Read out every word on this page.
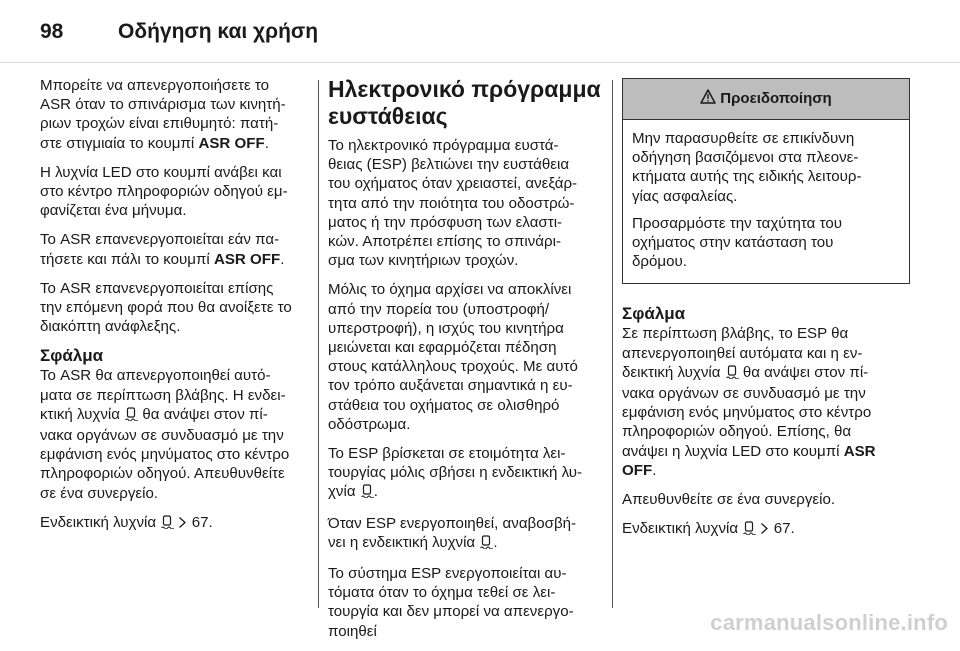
98	Οδήγηση και χρήση

Μπορείτε να απενεργοποιήσετε το
ASR όταν το σπινάρισμα των κινητή-
ριων τροχών είναι επιθυμητό: πατή-
στε στιγμιαία το κουμπί ASR OFF.

Η λυχνία LED στο κουμπί ανάβει και
στο κέντρο πληροφοριών οδηγού εμ-
φανίζεται ένα μήνυμα.

Το ASR επανενεργοποιείται εάν πα-
τήσετε και πάλι το κουμπί ASR OFF.

Το ASR επανενεργοποιείται επίσης
την επόμενη φορά που θα ανοίξετε το
διακόπτη ανάφλεξης.

Σφάλμα

Το ASR θα απενεργοποιηθεί αυτό-
ματα σε περίπτωση βλάβης. Η ενδει-
κτική λυχνία  θα ανάψει στον πί-
νακα οργάνων σε συνδυασμό με την
εμφάνιση ενός μηνύματος στο κέντρο
πληροφοριών οδηγού. Απευθυνθείτε
σε ένα συνεργείο.

Ενδεικτική λυχνία   67.

Ηλεκτρονικό πρόγραμμα
ευστάθειας

Το ηλεκτρονικό πρόγραμμα ευστά-
θειας (ESP) βελτιώνει την ευστάθεια
του οχήματος όταν χρειαστεί, ανεξάρ-
τητα από την ποιότητα του οδοστρώ-
ματος ή την πρόσφυση των ελαστι-
κών. Αποτρέπει επίσης το σπινάρι-
σμα των κινητήριων τροχών.

Μόλις το όχημα αρχίσει να αποκλίνει
από την πορεία του (υποστροφή/
υπερστροφή), η ισχύς του κινητήρα
μειώνεται και εφαρμόζεται πέδηση
στους κατάλληλους τροχούς. Με αυτό
τον τρόπο αυξάνεται σημαντικά η ευ-
στάθεια του οχήματος σε ολισθηρό
οδόστρωμα.

Το ESP βρίσκεται σε ετοιμότητα λει-
τουργίας μόλις σβήσει η ενδεικτική λυ-
χνία .

Όταν ESP ενεργοποιηθεί, αναβοσβή-
νει η ενδεικτική λυχνία .

Το σύστημα ESP ενεργοποιείται αυ-
τόματα όταν το όχημα τεθεί σε λει-
τουργία και δεν μπορεί να απενεργο-
ποιηθεί

Προειδοποίηση

Μην παρασυρθείτε σε επικίνδυνη
οδήγηση βασιζόμενοι στα πλεονε-
κτήματα αυτής της ειδικής λειτουρ-
γίας ασφαλείας.

Προσαρμόστε την ταχύτητα του
οχήματος στην κατάσταση του
δρόμου.

Σφάλμα

Σε περίπτωση βλάβης, το ESP θα
απενεργοποιηθεί αυτόματα και η εν-
δεικτική λυχνία  θα ανάψει στον πί-
νακα οργάνων σε συνδυασμό με την
εμφάνιση ενός μηνύματος στο κέντρο
πληροφοριών οδηγού. Επίσης, θα
ανάψει η λυχνία LED στο κουμπί ASR
OFF.

Απευθυνθείτε σε ένα συνεργείο.

Ενδεικτική λυχνία   67.

carmanualsonline.info
